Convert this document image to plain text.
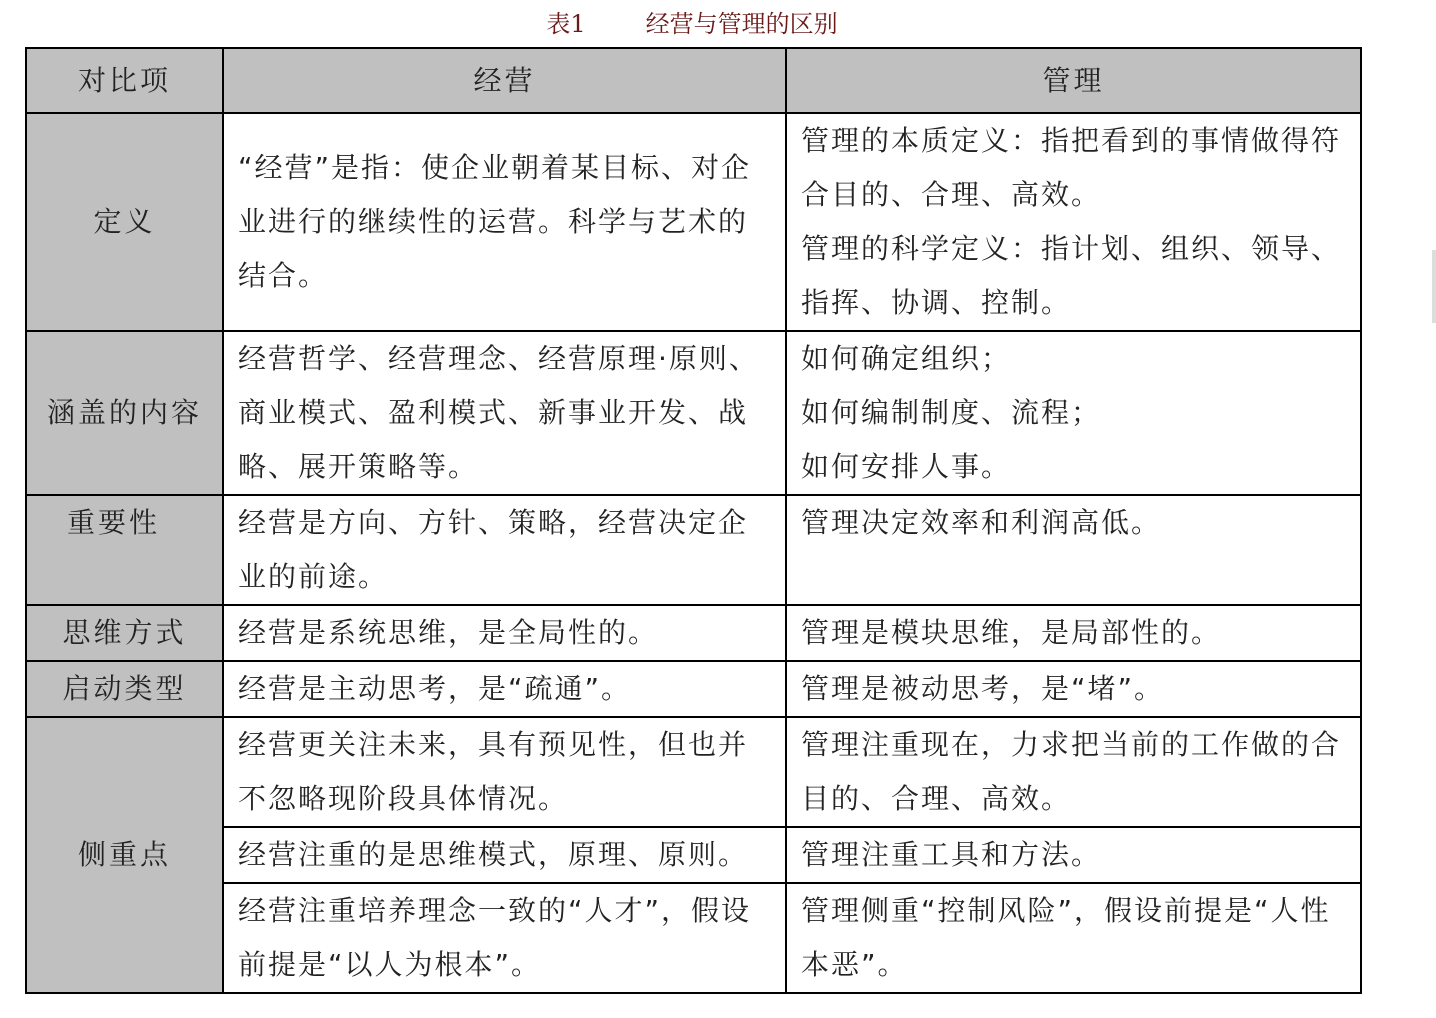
表1	经营与管理的区别
对比项	经营	管理
定义	“经营”是指：使企业朝着某目标、对企业进行的继续性的运营。科学与艺术的结合。	管理的本质定义：指把看到的事情做得符合目的、合理、高效。
管理的科学定义：指计划、组织、领导、指挥、协调、控制。

涵盖的内容	经营哲学、经营理念、经营原理·原则、商业模式、盈利模式、新事业开发、战略、展开策略等。	如何确定组织；
如何编制制度、流程；
如何安排人事。

重要性	经营是方向、方针、策略，经营决定企业的前途。	管理决定效率和利润高低。
思维方式	经营是系统思维，是全局性的。	管理是模块思维，是局部性的。
启动类型	经营是主动思考，是“疏通”。	管理是被动思考，是“堵”。
侧重点	经营更关注未来，具有预见性，但也并不忽略现阶段具体情况。	管理注重现在，力求把当前的工作做的合目的、合理、高效。
	经营注重的是思维模式，原理、原则。	管理注重工具和方法。
	经营注重培养理念一致的“人才”，假设前提是“以人为根本”。	管理侧重“控制风险”，假设前提是“人性本恶”。
